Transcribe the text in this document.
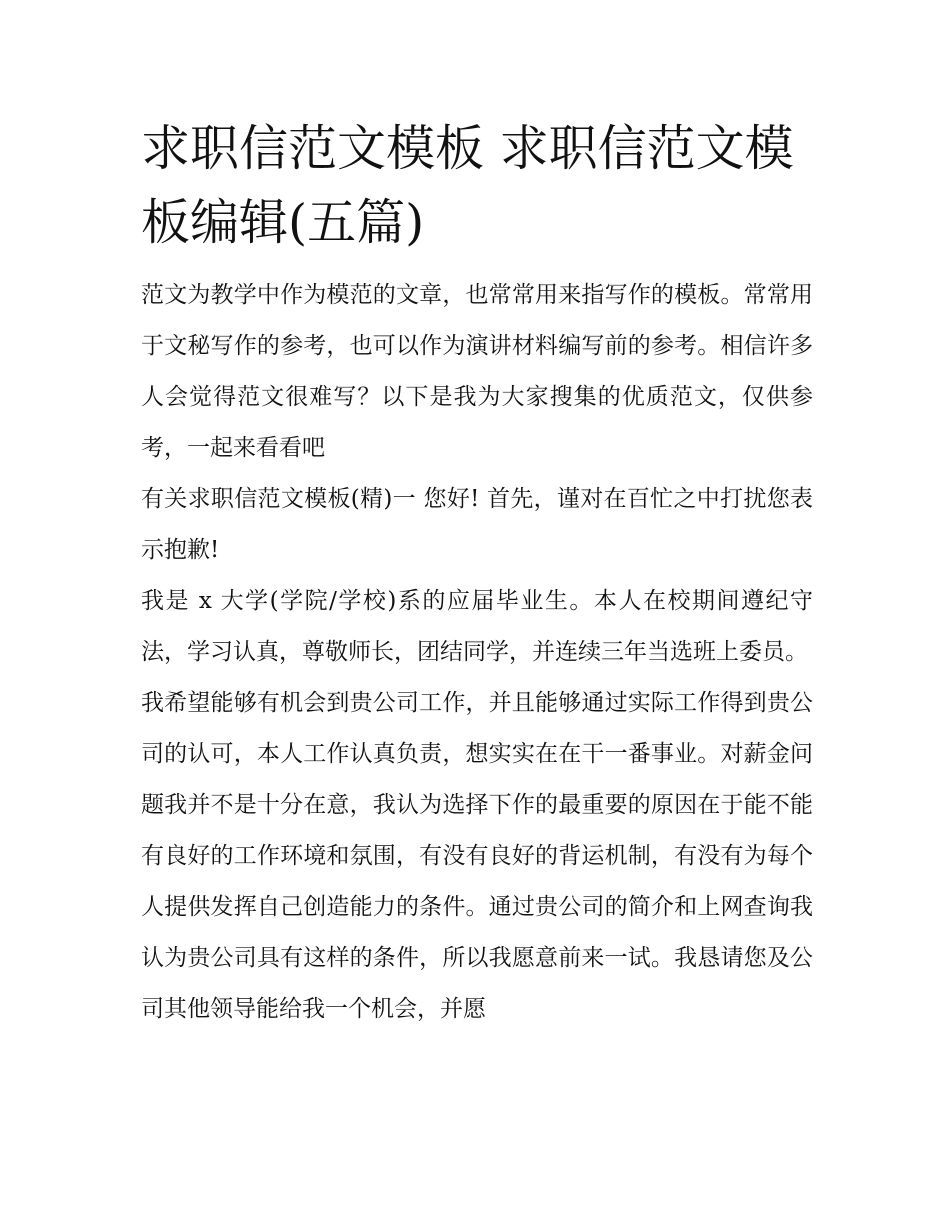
求职信范文模板 求职信范文模板编辑(五篇)

范文为教学中作为模范的文章，也常常用来指写作的模板。常常用于文秘写作的参考，也可以作为演讲材料编写前的参考。相信许多人会觉得范文很难写？以下是我为大家搜集的优质范文，仅供参考，一起来看看吧

有关求职信范文模板(精)一 您好! 首先，谨对在百忙之中打扰您表示抱歉!

我是 x 大学(学院/学校)系的应届毕业生。本人在校期间遵纪守法，学习认真，尊敬师长，团结同学，并连续三年当选班上委员。

我希望能够有机会到贵公司工作，并且能够通过实际工作得到贵公司的认可，本人工作认真负责，想实实在在干一番事业。对薪金问题我并不是十分在意，我认为选择下作的最重要的原因在于能不能有良好的工作环境和氛围，有没有良好的背运机制，有没有为每个人提供发挥自己创造能力的条件。通过贵公司的简介和上网查询我认为贵公司具有这样的条件，所以我愿意前来一试。我恳请您及公司其他领导能给我一个机会，并愿
